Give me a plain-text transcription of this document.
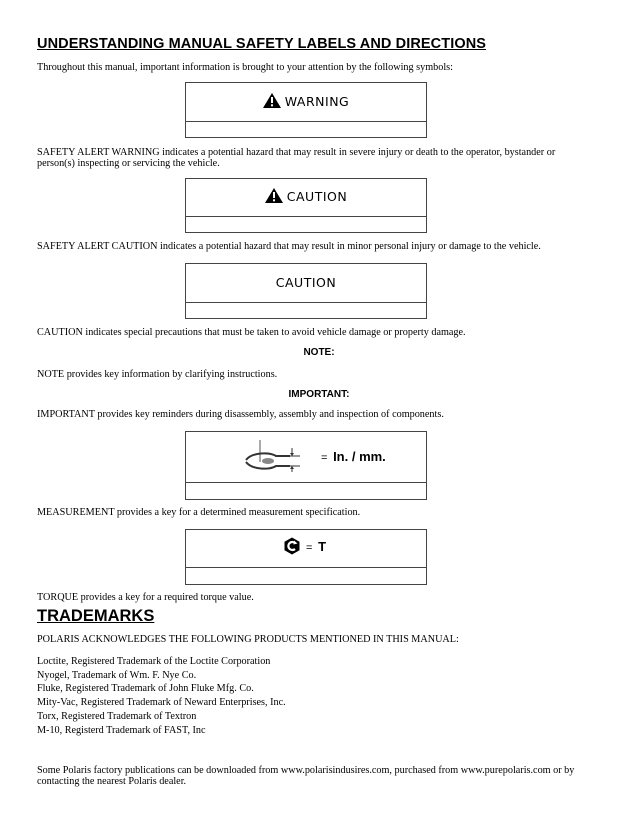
UNDERSTANDING MANUAL SAFETY LABELS AND DIRECTIONS

Throughout this manual, important information is brought to your attention by the following symbols:

WARNING

SAFETY ALERT WARNING indicates a potential hazard that may result in severe injury or death to the operator, bystander or person(s) inspecting or servicing the vehicle.

CAUTION

SAFETY ALERT CAUTION indicates a potential hazard that may result in minor personal injury or damage to the vehicle.

CAUTION

CAUTION indicates special precautions that must be taken to avoid vehicle damage or property damage.

NOTE:

NOTE provides key information by clarifying instructions.

IMPORTANT:

IMPORTANT provides key reminders during disassembly, assembly and inspection of components.

= In. / mm.

MEASUREMENT provides a key for a determined measurement specification.

= T

TORQUE provides a key for a required torque value.

TRADEMARKS

POLARIS ACKNOWLEDGES THE FOLLOWING PRODUCTS MENTIONED IN THIS MANUAL:

Loctite, Registered Trademark of the Loctite Corporation
Nyogel, Trademark of Wm. F. Nye Co.
Fluke, Registered Trademark of John Fluke Mfg. Co.
Mity-Vac, Registered Trademark of Neward Enterprises, Inc.
Torx, Registered Trademark of Textron
M-10, Registerd Trademark of FAST, Inc

Some Polaris factory publications can be downloaded from www.polarisindusires.com, purchased from www.purepolaris.com or by contacting the nearest Polaris dealer.
